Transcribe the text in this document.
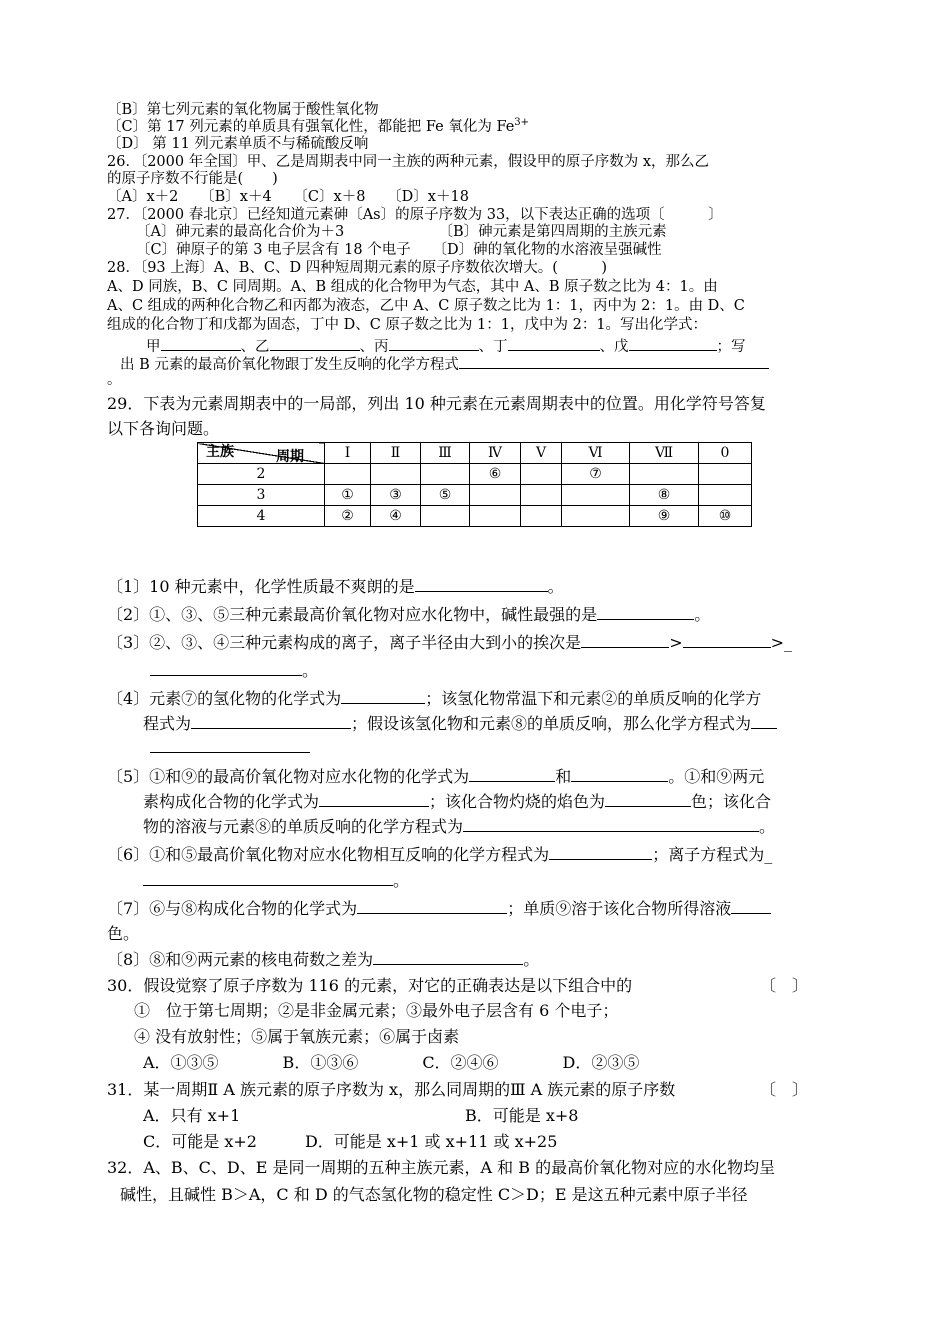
〔B〕第七列元素的氧化物属于酸性氧化物
〔C〕第 17 列元素的单质具有强氧化性，都能把 Fe 氧化为 $Fe^{3+}$
〔D〕 第 11 列元素单质不与稀硫酸反响
26．〔2000 年全国〕甲、乙是周期表中同一主族的两种元素，假设甲的原子序数为 x，那么乙
的原子序数不行能是(　　)
〔A〕x＋2　　〔B〕x＋4　　〔C〕x＋8　　〔D〕x＋18
27．〔2000 春北京〕已经知道元素砷〔As〕的原子序数为 33，以下表达正确的选项〔　　　〕
〔A〕砷元素的最高化合价为＋3　　　　　　　〔B〕砷元素是第四周期的主族元素
〔C〕砷原子的第 3 电子层含有 18 个电子　　〔D〕砷的氧化物的水溶液呈强碱性
28．〔93 上海〕A、B、C、D 四种短周期元素的原子序数依次增大。(　　　)
A、D 同族，B、C 同周期。A、B 组成的化合物甲为气态，其中 A、B 原子数之比为 4：1。由
A、C 组成的两种化合物乙和丙都为液态，乙中 A、C 原子数之比为 1：1，丙中为 2：1。由 D、C
组成的化合物丁和戊都为固态，丁中 D、C 原子数之比为 1：1，戊中为 2：1。写出化学式：
甲	、乙	、丙	、丁	、戊	；写
出 B 元素的最高价氧化物跟丁发生反响的化学方程式
。
29．下表为元素周期表中的一局部，列出 10 种元素在元素周期表中的位置。用化学符号答复
以下各询问题。
周期
主族	Ⅰ	Ⅱ	Ⅲ	Ⅳ	Ⅴ	Ⅵ	Ⅶ	0
2				⑥		⑦		
3	①	③	⑤				⑧	
4	②	④					⑨	⑩
〔1〕10 种元素中，化学性质最不爽朗的是	。
〔2〕①、③、⑤三种元素最高价氧化物对应水化物中，碱性最强的是	。
〔3〕②、③、④三种元素构成的离子，离子半径由大到小的挨次是	>	>_
。
〔4〕元素⑦的氢化物的化学式为	；该氢化物常温下和元素②的单质反响的化学方
程式为	；假设该氢化物和元素⑧的单质反响，那么化学方程式为
〔5〕①和⑨的最高价氧化物对应水化物的化学式为	和	。①和⑨两元
素构成化合物的化学式为	；该化合物灼烧的焰色为	色；该化合
物的溶液与元素⑧的单质反响的化学方程式为	。
〔6〕①和⑤最高价氧化物对应水化物相互反响的化学方程式为	；离子方程式为_
。
〔7〕⑥与⑧构成化合物的化学式为	；单质⑨溶于该化合物所得溶液
色。
〔8〕⑧和⑨两元素的核电荷数之差为	。
30．假设觉察了原子序数为 116 的元素，对它的正确表达是以下组合中的	〔　〕
①　位于第七周期；②是非金属元素；③最外电子层含有 6 个电子；
④ 没有放射性；⑤属于氧族元素；⑥属于卤素
A．①③⑤　　　　B．①③⑥　　　　C．②④⑥　　　　D．②③⑤
31．某一周期Ⅱ A 族元素的原子序数为 x，那么同周期的Ⅲ A 族元素的原子序数	〔　〕
A．只有 x+1	B．可能是 x+8
C．可能是 x+2　　　D．可能是 x+1 或 x+11 或 x+25
32．A、B、C、D、E 是同一周期的五种主族元素，A 和 B 的最高价氧化物对应的水化物均呈
碱性，且碱性 B＞A，C 和 D 的气态氢化物的稳定性 C＞D；E 是这五种元素中原子半径
